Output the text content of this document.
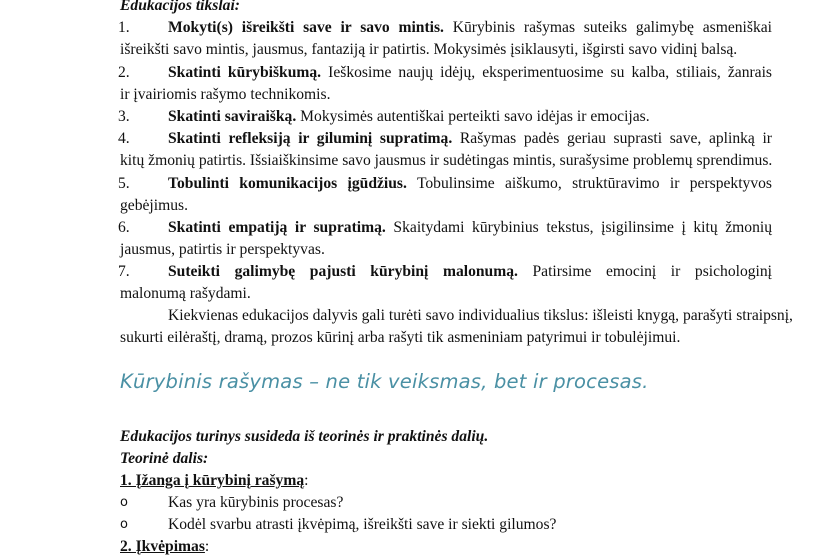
Edukacijos tikslai:
1. Mokyti(s) išreikšti save ir savo mintis. Kūrybinis rašymas suteiks galimybę asmeniškai
išreikšti savo mintis, jausmus, fantaziją ir patirtis. Mokysimės įsiklausyti, išgirsti savo vidinį balsą.
2. Skatinti kūrybiškumą. Ieškosime naujų idėjų, eksperimentuosime su kalba, stiliais, žanrais
ir įvairiomis rašymo technikomis.
3. Skatinti saviraišką. Mokysimės autentiškai perteikti savo idėjas ir emocijas.
4. Skatinti refleksiją ir giluminį supratimą. Rašymas padės geriau suprasti save, aplinką ir
kitų žmonių patirtis. Išsiaiškinsime savo jausmus ir sudėtingas mintis, surašysime problemų sprendimus.
5. Tobulinti komunikacijos įgūdžius. Tobulinsime aiškumo, struktūravimo ir perspektyvos
gebėjimus.
6. Skatinti empatiją ir supratimą. Skaitydami kūrybinius tekstus, įsigilinsime į kitų žmonių
jausmus, patirtis ir perspektyvas.
7. Suteikti galimybę pajusti kūrybinį malonumą. Patirsime emocinį ir psichologinį
malonumą rašydami.
Kiekvienas edukacijos dalyvis gali turėti savo individualius tikslus: išleisti knygą, parašyti straipsnį,
sukurti eilėraštį, dramą, prozos kūrinį arba rašyti tik asmeniniam patyrimui ir tobulėjimui.
Kūrybinis rašymas – ne tik veiksmas, bet ir procesas.
Edukacijos turinys susideda iš teorinės ir praktinės dalių.
Teorinė dalis:
1. Įžanga į kūrybinį rašymą:
o	Kas yra kūrybinis procesas?
o	Kodėl svarbu atrasti įkvėpimą, išreikšti save ir siekti gilumos?
2. Įkvėpimas:
